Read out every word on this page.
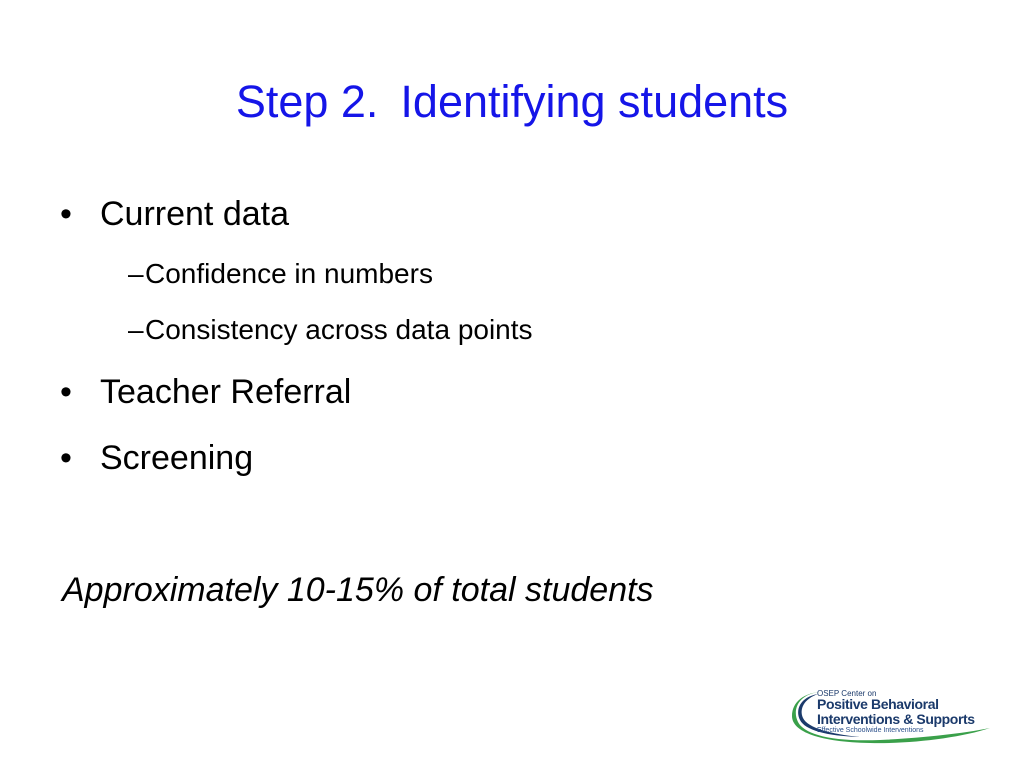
Step 2. Identifying students
• Current data
– Confidence in numbers
– Consistency across data points
• Teacher Referral
• Screening
Approximately 10-15% of total students
OSEP Center on
Positive Behavioral
Interventions & Supports
Effective Schoolwide Interventions
